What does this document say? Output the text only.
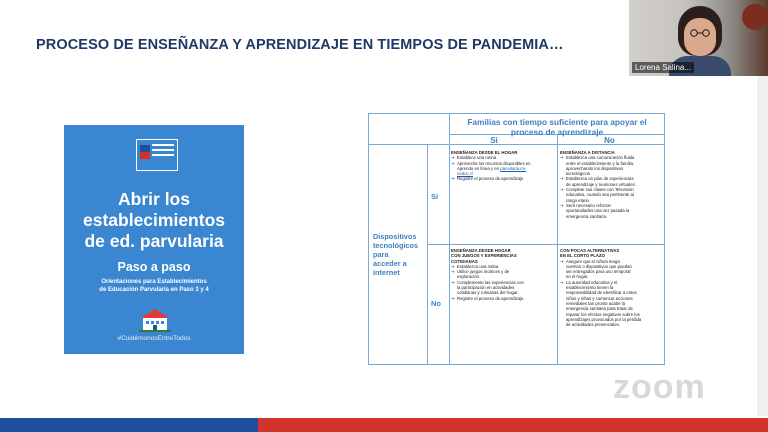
PROCESO DE ENSEÑANZA Y APRENDIZAJE EN TIEMPOS DE PANDEMIA…
Abrir los
establecimientos
de ed. parvularia
Paso a paso
Orientaciones para Establecimientos
de Educación Parvularia en Paso 3 y 4
#CuidémonosEntreTodos
Familias con tiempo suficiente para apoyar el
proceso de aprendizaje
Si	No
Dispositivos
tecnológicos
para
acceder a
internet
Si
No
ENSEÑANZA DESDE EL HOGAR
➜ Establece una rutina
➜ Aprovecha los recursos disponibles en
Aprendo en línea y en parvularia.mi-
neduc.cl
➜ Registre el proceso de aprendizaje
ENSEÑANZA A DISTANCIA
➜ Establezca una comunicación fluida
entre el establecimiento y la familia,
aprovechando los dispositivos
tecnológicos
➜ Establezca un plan de experiencias
de aprendizaje y reuniones virtuales.
➜ Complete sus clases con Televisión
educativa, cuando sea pertinente al
rango etario.
➜ Será necesario reforzar
oportunidades una vez pasada la
emergencia sanitaria.
ENSEÑANZA DESDE HOGAR
CON JUEGOS Y EXPERIENCIAS
COTIDIANAS
➜ Establezca una rutina
➜ Utilice juegos motrices y de
exploración.
➜ Complemente las experiencias con
la participación en actividades
cotidianas y rutinarias del hogar.
➜ Registre el proceso de aprendizaje.
CON POCAS ALTERNATIVAS
EN EL CORTO PLAZO
➜ Asegure que el niño/a tenga
cuentos o dispositivos que puedan
ser entregados para uso temporal
en el hogar.
➜ La autoridad educativa y el
establecimiento tienen la
responsabilidad de identificar a estos
niños y niñas y comenzar acciones
remediales tan pronto acabe la
emergencia sanitaria para tratar de
reparar los efectos negativos sobre los
aprendizajes provocados por la pérdida
de actividades presenciales.
Lorena Salina...
zoom
